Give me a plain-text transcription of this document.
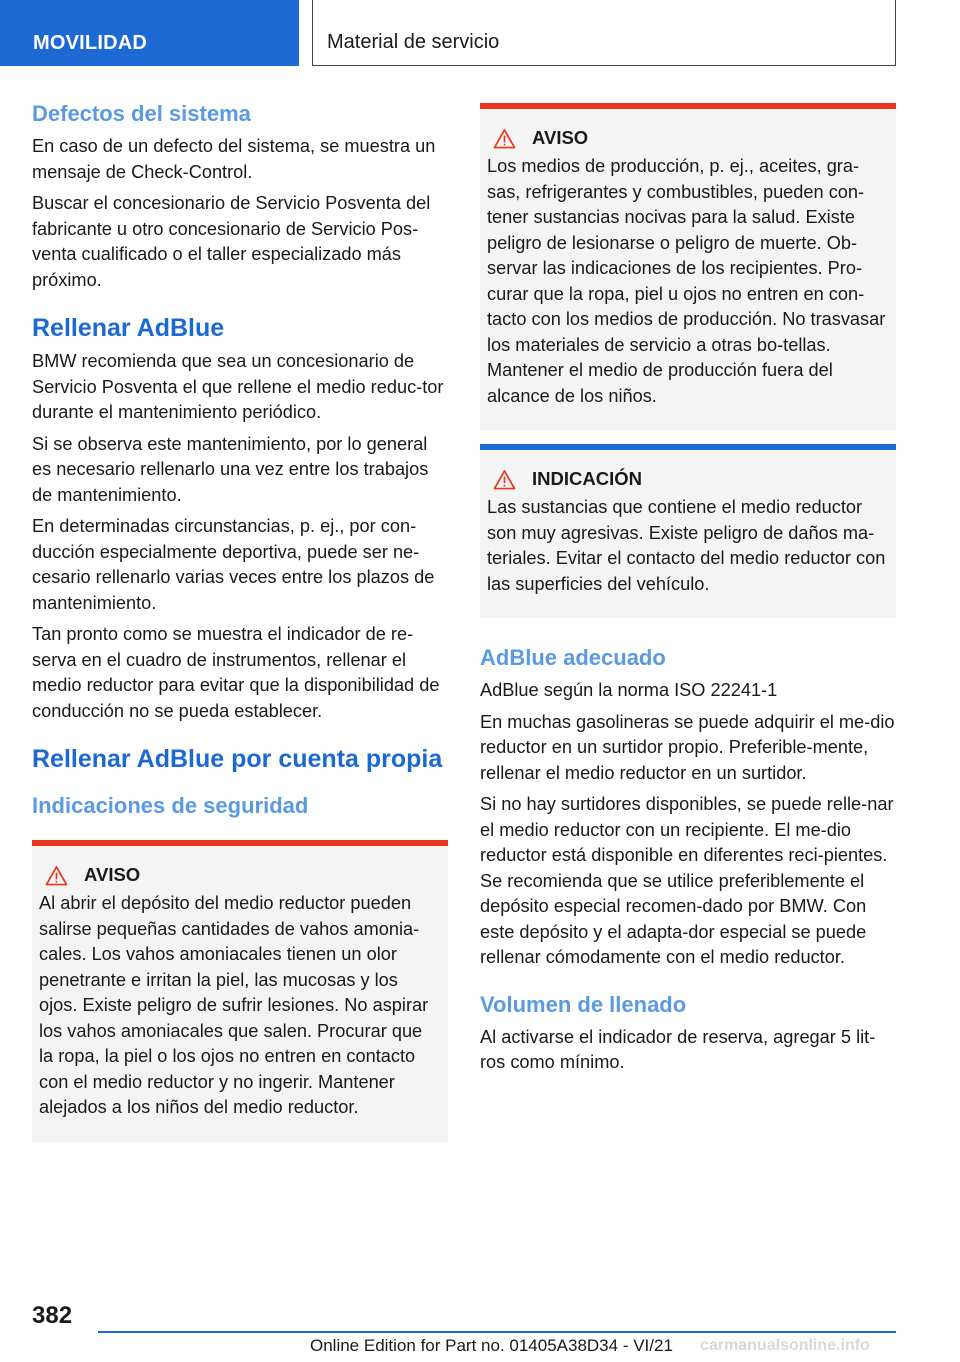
MOVILIDAD	Material de servicio
Defectos del sistema

En caso de un defecto del sistema, se muestra un mensaje de Check-Control.

Buscar el concesionario de Servicio Posventa del fabricante u otro concesionario de Servicio Pos-venta cualificado o el taller especializado más próximo.

Rellenar AdBlue

BMW recomienda que sea un concesionario de Servicio Posventa el que rellene el medio reduc-tor durante el mantenimiento periódico.

Si se observa este mantenimiento, por lo general es necesario rellenarlo una vez entre los trabajos de mantenimiento.

En determinadas circunstancias, p. ej., por con-ducción especialmente deportiva, puede ser ne-cesario rellenarlo varias veces entre los plazos de mantenimiento.

Tan pronto como se muestra el indicador de re-serva en el cuadro de instrumentos, rellenar el medio reductor para evitar que la disponibilidad de conducción no se pueda establecer.

Rellenar AdBlue por cuenta propia
Indicaciones de seguridad
AVISO

Al abrir el depósito del medio reductor pueden salirse pequeñas cantidades de vahos amonia-cales. Los vahos amoniacales tienen un olor penetrante e irritan la piel, las mucosas y los ojos. Existe peligro de sufrir lesiones. No aspirar los vahos amoniacales que salen. Procurar que la ropa, la piel o los ojos no entren en contacto con el medio reductor y no ingerir. Mantener alejados a los niños del medio reductor.

AVISO

Los medios de producción, p. ej., aceites, gra-sas, refrigerantes y combustibles, pueden con-tener sustancias nocivas para la salud. Existe peligro de lesionarse o peligro de muerte. Ob-servar las indicaciones de los recipientes. Pro-curar que la ropa, piel u ojos no entren en con-tacto con los medios de producción. No trasvasar los materiales de servicio a otras bo-tellas. Mantener el medio de producción fuera del alcance de los niños.

INDICACIÓN

Las sustancias que contiene el medio reductor son muy agresivas. Existe peligro de daños ma-teriales. Evitar el contacto del medio reductor con las superficies del vehículo.

AdBlue adecuado

AdBlue según la norma ISO 22241-1

En muchas gasolineras se puede adquirir el me-dio reductor en un surtidor propio. Preferible-mente, rellenar el medio reductor en un surtidor.

Si no hay surtidores disponibles, se puede relle-nar el medio reductor con un recipiente. El me-dio reductor está disponible en diferentes reci-pientes. Se recomienda que se utilice preferiblemente el depósito especial recomen-dado por BMW. Con este depósito y el adapta-dor especial se puede rellenar cómodamente con el medio reductor.

Volumen de llenado

Al activarse el indicador de reserva, agregar 5 lit-ros como mínimo.

382
Online Edition for Part no. 01405A38D34 - VI/21 carmanualsonline.info
